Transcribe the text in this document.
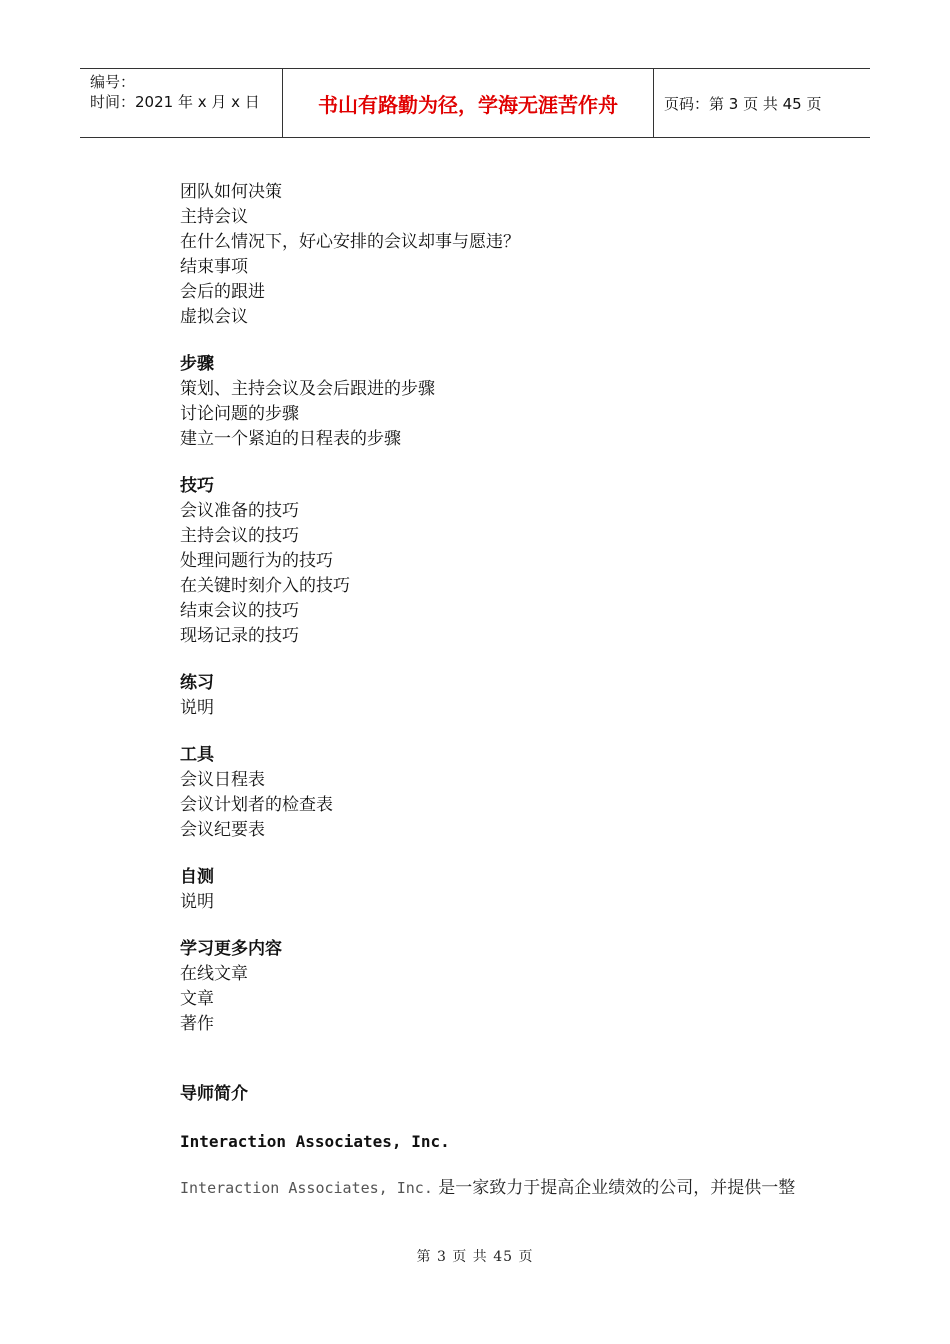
编号：
时间：2021 年 x 月 x 日	书山有路勤为径，学海无涯苦作舟	页码：第 3 页 共 45 页
团队如何决策
主持会议
在什么情况下，好心安排的会议却事与愿违？
结束事项
会后的跟进
虚拟会议
步骤
策划、主持会议及会后跟进的步骤
讨论问题的步骤
建立一个紧迫的日程表的步骤
技巧
会议准备的技巧
主持会议的技巧
处理问题行为的技巧
在关键时刻介入的技巧
结束会议的技巧
现场记录的技巧
练习
说明
工具
会议日程表
会议计划者的检查表
会议纪要表
自测
说明
学习更多内容
在线文章
文章
著作
导师简介
Interaction Associates, Inc.
Interaction Associates, Inc. 是一家致力于提高企业绩效的公司，并提供一整
第 3 页 共 45 页
